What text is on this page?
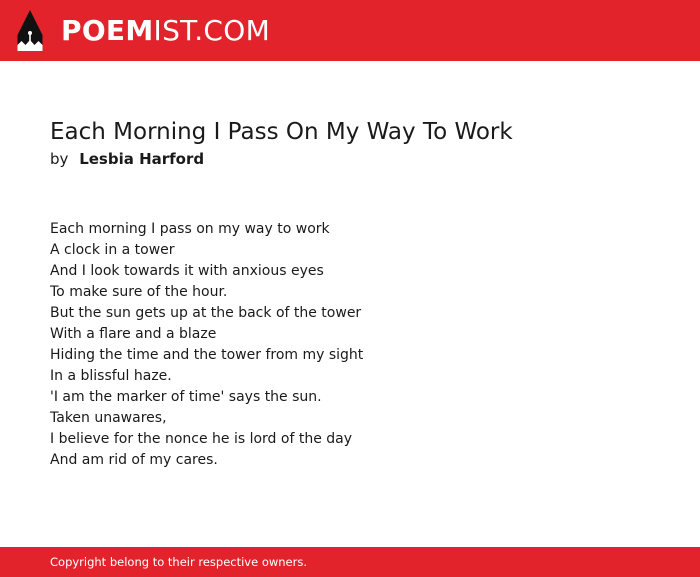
POEMIST.COM
Each Morning I Pass On My Way To Work
by Lesbia Harford
Each morning I pass on my way to work
A clock in a tower
And I look towards it with anxious eyes
To make sure of the hour.
But the sun gets up at the back of the tower
With a flare and a blaze
Hiding the time and the tower from my sight
In a blissful haze.
'I am the marker of time' says the sun.
Taken unawares,
I believe for the nonce he is lord of the day
And am rid of my cares.
Copyright belong to their respective owners.
